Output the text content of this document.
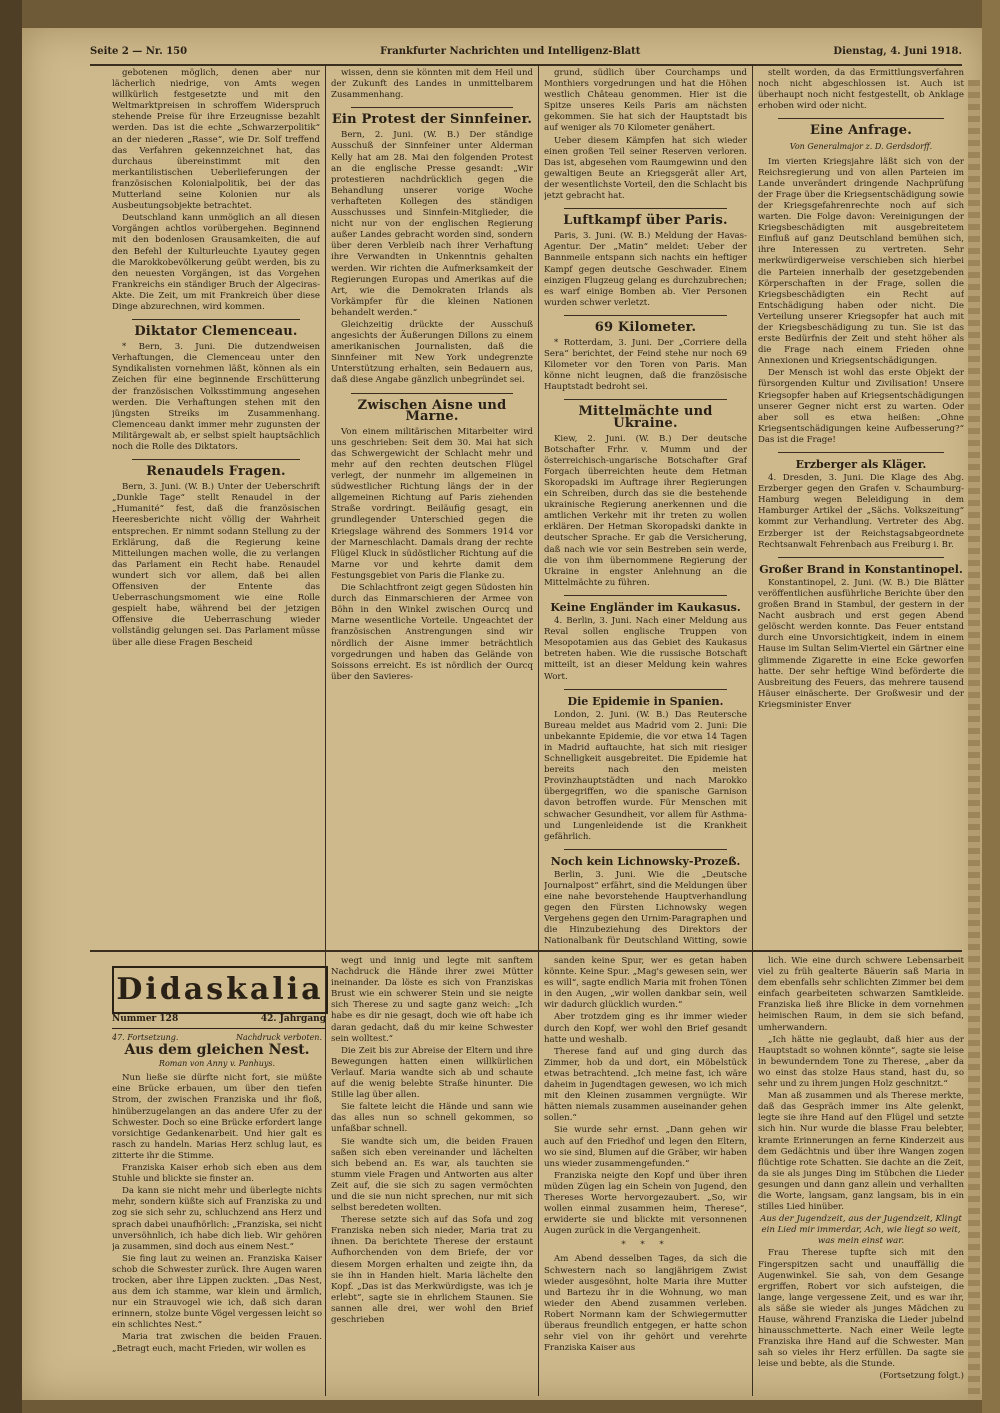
Seite 2 — Nr. 150	Frankfurter Nachrichten und Intelligenz-Blatt	Dienstag, 4. Juni 1918.

gebotenen möglich, denen aber nur lächerlich niedrige, von Amts wegen willkürlich festgesetzte und mit den Weltmarktpreisen in schroffem Widerspruch stehende Preise für ihre Erzeugnisse bezahlt werden. Das ist die echte „Schwarzerpolitik“ an der niederen „Rasse“, wie Dr. Solf treffend das Verfahren gekennzeichnet hat, das durchaus übereinstimmt mit den merkantilistischen Ueberlieferungen der französischen Kolonialpolitik, bei der das Mutterland seine Kolonien nur als Ausbeutungsobjekte betrachtet.

Deutschland kann unmöglich an all diesen Vorgängen achtlos vorübergehen. Beginnend mit den bodenlosen Grausamkeiten, die auf den Befehl der Kulturleuchte Lyautey gegen die Marokkobevölkerung geübt werden, bis zu den neuesten Vorgängen, ist das Vorgehen Frankreichs ein ständiger Bruch der Algeciras-Akte. Die Zeit, um mit Frankreich über diese Dinge abzurechnen, wird kommen.

Diktator Clemenceau.

* Bern, 3. Juni. Die dutzendweisen Verhaftungen, die Clemenceau unter den Syndikalisten vornehmen läßt, können als ein Zeichen für eine beginnende Erschütterung der französischen Volksstimmung angesehen werden. Die Verhaftungen stehen mit den jüngsten Streiks im Zusammenhang. Clemenceau dankt immer mehr zugunsten der Militärgewalt ab, er selbst spielt hauptsächlich noch die Rolle des Diktators.

Renaudels Fragen.

Bern, 3. Juni. (W. B.) Unter der Ueberschrift „Dunkle Tage“ stellt Renaudel in der „Humanité“ fest, daß die französischen Heeresberichte nicht völlig der Wahrheit entsprechen. Er nimmt sodann Stellung zu der Erklärung, daß die Regierung keine Mitteilungen machen wolle, die zu verlangen das Parlament ein Recht habe. Renaudel wundert sich vor allem, daß bei allen Offensiven der Entente das Ueberraschungsmoment wie eine Rolle gespielt habe, während bei der jetzigen Offensive die Ueberraschung wieder vollständig gelungen sei. Das Parlament müsse über alle diese Fragen Bescheid

wissen, denn sie könnten mit dem Heil und der Zukunft des Landes in unmittelbarem Zusammenhang.

Ein Protest der Sinnfeiner.

Bern, 2. Juni. (W. B.) Der ständige Ausschuß der Sinnfeiner unter Alderman Kelly hat am 28. Mai den folgenden Protest an die englische Presse gesandt: „Wir protestieren nachdrücklich gegen die Behandlung unserer vorige Woche verhafteten Kollegen des ständigen Ausschusses und Sinnfein-Mitglieder, die nicht nur von der englischen Regierung außer Landes gebracht worden sind, sondern über deren Verbleib nach ihrer Verhaftung ihre Verwandten in Unkenntnis gehalten werden. Wir richten die Aufmerksamkeit der Regierungen Europas und Amerikas auf die Art, wie die Demokraten Irlands als Vorkämpfer für die kleinen Nationen behandelt werden.“

Gleichzeitig drückte der Ausschuß angesichts der Äußerungen Dillons zu einem amerikanischen Journalisten, daß die Sinnfeiner mit New York undegrenzte Unterstützung erhalten, sein Bedauern aus, daß diese Angabe gänzlich unbegründet sei.

Zwischen Aisne und Marne.

Von einem militärischen Mitarbeiter wird uns geschrieben: Seit dem 30. Mai hat sich das Schwergewicht der Schlacht mehr und mehr auf den rechten deutschen Flügel verlegt, der nunmehr im allgemeinen in südwestlicher Richtung längs der in der allgemeinen Richtung auf Paris ziehenden Straße vordringt. Beiläufig gesagt, ein grundlegender Unterschied gegen die Kriegslage während des Sommers 1914 vor der Marneschlacht. Damals drang der rechte Flügel Kluck in südöstlicher Richtung auf die Marne vor und kehrte damit dem Festungsgebiet von Paris die Flanke zu.

Die Schlachtfront zeigt gegen Südosten hin durch das Einmarschieren der Armee von Böhn in den Winkel zwischen Ourcq und Marne wesentliche Vorteile. Ungeachtet der französischen Anstrengungen sind wir nördlich der Aisne immer beträchtlich vorgedrungen und haben das Gelände von Soissons erreicht. Es ist nördlich der Ourcq über den Savieres-

grund, südlich über Courchamps und Monthiers vorgedrungen und hat die Höhen westlich Château genommen. Hier ist die Spitze unseres Keils Paris am nächsten gekommen. Sie hat sich der Hauptstadt bis auf weniger als 70 Kilometer genähert.

Ueber diesem Kämpfen hat sich wieder einen großen Teil seiner Reserven verloren. Das ist, abgesehen vom Raumgewinn und den gewaltigen Beute an Kriegsgerät aller Art, der wesentlichste Vorteil, den die Schlacht bis jetzt gebracht hat.

Luftkampf über Paris.

Paris, 3. Juni. (W. B.) Meldung der Havas-Agentur. Der „Matin“ meldet: Ueber der Bannmeile entspann sich nachts ein heftiger Kampf gegen deutsche Geschwader. Einem einzigen Flugzeug gelang es durchzubrechen; es warf einige Bomben ab. Vier Personen wurden schwer verletzt.

69 Kilometer.

* Rotterdam, 3. Juni. Der „Corriere della Sera“ berichtet, der Feind stehe nur noch 69 Kilometer vor den Toren von Paris. Man könne nicht leugnen, daß die französische Hauptstadt bedroht sei.

Mittelmächte und Ukraine.

Kiew, 2. Juni. (W. B.) Der deutsche Botschafter Frhr. v. Mumm und der österreichisch-ungarische Botschafter Graf Forgach überreichten heute dem Hetman Skoropadski im Auftrage ihrer Regierungen ein Schreiben, durch das sie die bestehende ukrainische Regierung anerkennen und die amtlichen Verkehr mit ihr treten zu wollen erklären. Der Hetman Skoropadski dankte in deutscher Sprache. Er gab die Versicherung, daß nach wie vor sein Bestreben sein werde, die von ihm übernommene Regierung der Ukraine in engster Anlehnung an die Mittelmächte zu führen.

Keine Engländer im Kaukasus.

4. Berlin, 3. Juni. Nach einer Meldung aus Reval sollen englische Truppen von Mesopotamien aus das Gebiet des Kaukasus betreten haben. Wie die russische Botschaft mitteilt, ist an dieser Meldung kein wahres Wort.

Die Epidemie in Spanien.

London, 2. Juni. (W. B.) Das Reutersche Bureau meldet aus Madrid vom 2. Juni: Die unbekannte Epidemie, die vor etwa 14 Tagen in Madrid auftauchte, hat sich mit riesiger Schnelligkeit ausgebreitet. Die Epidemie hat bereits nach den meisten Provinzhauptstädten und nach Marokko übergegriffen, wo die spanische Garnison davon betroffen wurde. Für Menschen mit schwacher Gesundheit, vor allem für Asthma- und Lungenleidende ist die Krankheit gefährlich.

Noch kein Lichnowsky-Prozeß.

Berlin, 3. Juni. Wie die „Deutsche Journalpost“ erfährt, sind die Meldungen über eine nahe bevorstehende Hauptverhandlung gegen den Fürsten Lichnowsky wegen Vergehens gegen den Urnim-Paragraphen und die Hinzubeziehung des Direktors der Nationalbank für Deutschland Witting, sowie

stellt worden, da das Ermittlungsverfahren noch nicht abgeschlossen ist. Auch ist überhaupt noch nicht festgestellt, ob Anklage erhoben wird oder nicht.

Eine Anfrage.
Von Generalmajor z. D. Gerdsdorff.

Im vierten Kriegsjahre läßt sich von der Reichsregierung und von allen Parteien im Lande unverändert dringende Nachprüfung der Frage über die Kriegsentschädigung sowie der Kriegsgefahrenrechte noch auf sich warten. Die Folge davon: Vereinigungen der Kriegsbeschädigten mit ausgebreitetem Einfluß auf ganz Deutschland bemühen sich, ihre Interessen zu vertreten. Sehr merkwürdigerweise verschieben sich hierbei die Parteien innerhalb der gesetzgebenden Körperschaften in der Frage, sollen die Kriegsbeschädigten ein Recht auf Entschädigung haben oder nicht. Die Verteilung unserer Kriegsopfer hat auch mit der Kriegsbeschädigung zu tun. Sie ist das erste Bedürfnis der Zeit und steht höher als die Frage nach einem Frieden ohne Annexionen und Kriegsentschädigungen.

Der Mensch ist wohl das erste Objekt der fürsorgenden Kultur und Zivilisation! Unsere Kriegsopfer haben auf Kriegsentschädigungen unserer Gegner nicht erst zu warten. Oder aber soll es etwa heißen: „Ohne Kriegsentschädigungen keine Aufbesserung?“ Das ist die Frage!

Erzberger als Kläger.

4. Dresden, 3. Juni. Die Klage des Abg. Erzberger gegen den Grafen v. Schaumburg-Hamburg wegen Beleidigung in dem Hamburger Artikel der „Sächs. Volkszeitung“ kommt zur Verhandlung. Vertreter des Abg. Erzberger ist der Reichstagsabgeordnete Rechtsanwalt Fehrenbach aus Freiburg i. Br.

Großer Brand in Konstantinopel.

Konstantinopel, 2. Juni. (W. B.) Die Blätter veröffentlichen ausführliche Berichte über den großen Brand in Stambul, der gestern in der Nacht ausbrach und erst gegen Abend gelöscht werden konnte. Das Feuer entstand durch eine Unvorsichtigkeit, indem in einem Hause im Sultan Selim-Viertel ein Gärtner eine glimmende Zigarette in eine Ecke geworfen hatte. Der sehr heftige Wind beförderte die Ausbreitung des Feuers, das mehrere tausend Häuser einäscherte. Der Großwesir und der Kriegsminister Enver

Didaskalia
Nummer 128	42. Jahrgang
47. Fortsetzung.	Nachdruck verboten.
Aus dem gleichen Nest.
Roman von Anny v. Panhuys.

Nun ließe sie dürfte nicht fort, sie müßte eine Brücke erbauen, um über den tiefen Strom, der zwischen Franziska und ihr floß, hinüberzugelangen an das andere Ufer zu der Schwester. Doch so eine Brücke erfordert lange vorsichtige Gedankenarbeit. Und hier galt es rasch zu handeln. Marias Herz schlug laut, es zitterte ihr die Stimme.

Franziska Kaiser erhob sich eben aus dem Stuhle und blickte sie finster an.

Da kann sie nicht mehr und überlegte nichts mehr, sondern küßte sich auf Franziska zu und zog sie sich sehr zu, schluchzend ans Herz und sprach dabei unaufhörlich: „Franziska, sei nicht unversöhnlich, ich habe dich lieb. Wir gehören ja zusammen, sind doch aus einem Nest.“

Sie fing laut zu weinen an. Franziska Kaiser schob die Schwester zurück. Ihre Augen waren trocken, aber ihre Lippen zuckten. „Das Nest, aus dem ich stamme, war klein und ärmlich, nur ein Strauvogel wie ich, daß sich daran erinnern, stolze bunte Vögel vergessen leicht so ein schlichtes Nest.“

Maria trat zwischen die beiden Frauen. „Betragt euch, macht Frieden, wir wollen es

wegt und innig und legte mit sanftem Nachdruck die Hände ihrer zwei Mütter ineinander. Da löste es sich von Franziskas Brust wie ein schwerer Stein und sie neigte sich Therese zu und sagte ganz weich: „Ich habe es dir nie gesagt, doch wie oft habe ich daran gedacht, daß du mir keine Schwester sein wolltest.“

Die Zeit bis zur Abreise der Eltern und ihre Bewegungen hatten einen willkürlichen Verlauf. Maria wandte sich ab und schaute auf die wenig belebte Straße hinunter. Die Stille lag über allen.

Sie faltete leicht die Hände und sann wie das alles nun so schnell gekommen, so unfaßbar schnell.

Sie wandte sich um, die beiden Frauen saßen sich eben vereinander und lächelten sich bebend an. Es war, als tauchten sie stumm viele Fragen und Antworten aus alter Zeit auf, die sie sich zu sagen vermöchten und die sie nun nicht sprechen, nur mit sich selbst beredeten wollten.

Therese setzte sich auf das Sofa und zog Franziska neben sich nieder, Maria trat zu ihnen. Da berichtete Therese der erstaunt Aufhorchenden von dem Briefe, der vor diesem Morgen erhalten und zeigte ihn, da sie ihn in Handen hielt. Maria lächelte den Kopf. „Das ist das Merkwürdigste, was ich je erlebt“, sagte sie in ehrlichem Staunen. Sie sannen alle drei, wer wohl den Brief geschrieben

sanden keine Spur, wer es getan haben könnte. Keine Spur. „Mag's gewesen sein, wer es will“, sagte endlich Maria mit frohen Tönen in den Augen, „wir wollen dankbar sein, weil wir dadurch glücklich wurden.“

Aber trotzdem ging es ihr immer wieder durch den Kopf, wer wohl den Brief gesandt hatte und weshalb.

Therese fand auf und ging durch das Zimmer, hob da und dort, ein Möbelstück etwas betrachtend. „Ich meine fast, ich wäre daheim in Jugendtagen gewesen, wo ich mich mit den Kleinen zusammen vergnügte. Wir hätten niemals zusammen auseinander gehen sollen.“

Sie wurde sehr ernst. „Dann gehen wir auch auf den Friedhof und legen den Eltern, wo sie sind, Blumen auf die Gräber, wir haben uns wieder zusammengefunden.“

Franziska neigte den Kopf und über ihren müden Zügen lag ein Schein von Jugend, den Thereses Worte hervorgezaubert. „So, wir wollen einmal zusammen heim, Therese“, erwiderte sie und blickte mit versonnenen Augen zurück in die Vergangenheit.

* * *

Am Abend desselben Tages, da sich die Schwestern nach so langjährigem Zwist wieder ausgesöhnt, holte Maria ihre Mutter und Bartezu ihr in die Wohnung, wo man wieder den Abend zusammen verleben. Robert Normann kam der Schwiegermutter überaus freundlich entgegen, er hatte schon sehr viel von ihr gehört und verehrte Franziska Kaiser aus

lich. Wie eine durch schwere Lebensarbeit viel zu früh gealterte Bäuerin saß Maria in dem ebenfalls sehr schlichten Zimmer bei dem einfach gearbeiteten schwarzen Samtkleide. Franziska ließ ihre Blicke in dem vornehmen heimischen Raum, in dem sie sich befand, umherwandern.

„Ich hätte nie geglaubt, daß hier aus der Hauptstadt so wohnen könnte“, sagte sie leise in bewunderndem Tone zu Therese, „aber da wo einst das stolze Haus stand, hast du, so sehr und zu ihrem jungen Holz geschnitzt.“

Man aß zusammen und als Therese merkte, daß das Gespräch immer ins Alte gelenkt, legte sie ihre Hand auf den Flügel und setzte sich hin. Nur wurde die blasse Frau belebter, kramte Erinnerungen an ferne Kinderzeit aus dem Gedächtnis und über ihre Wangen zogen flüchtige rote Schatten. Sie dachte an die Zeit, da sie als junges Ding im Stübchen die Lieder gesungen und dann ganz allein und verhallten die Worte, langsam, ganz langsam, bis in ein stilles Lied hinüber.

Aus der Jugendzeit, aus der Jugendzeit, Klingt ein Lied mir immerdar, Ach, wie liegt so weit, was mein einst war.

Frau Therese tupfte sich mit den Fingerspitzen sacht und unauffällig die Augenwinkel. Sie sah, von dem Gesange ergriffen, Robert vor sich aufsteigen, die lange, lange vergessene Zeit, und es war ihr, als säße sie wieder als junges Mädchen zu Hause, während Franziska die Lieder jubelnd hinausschmetterte. Nach einer Weile legte Franziska ihre Hand auf die Schwester. Man sah so vieles ihr Herz erfüllen. Da sagte sie leise und bebte, als die Stunde.

(Fortsetzung folgt.)
